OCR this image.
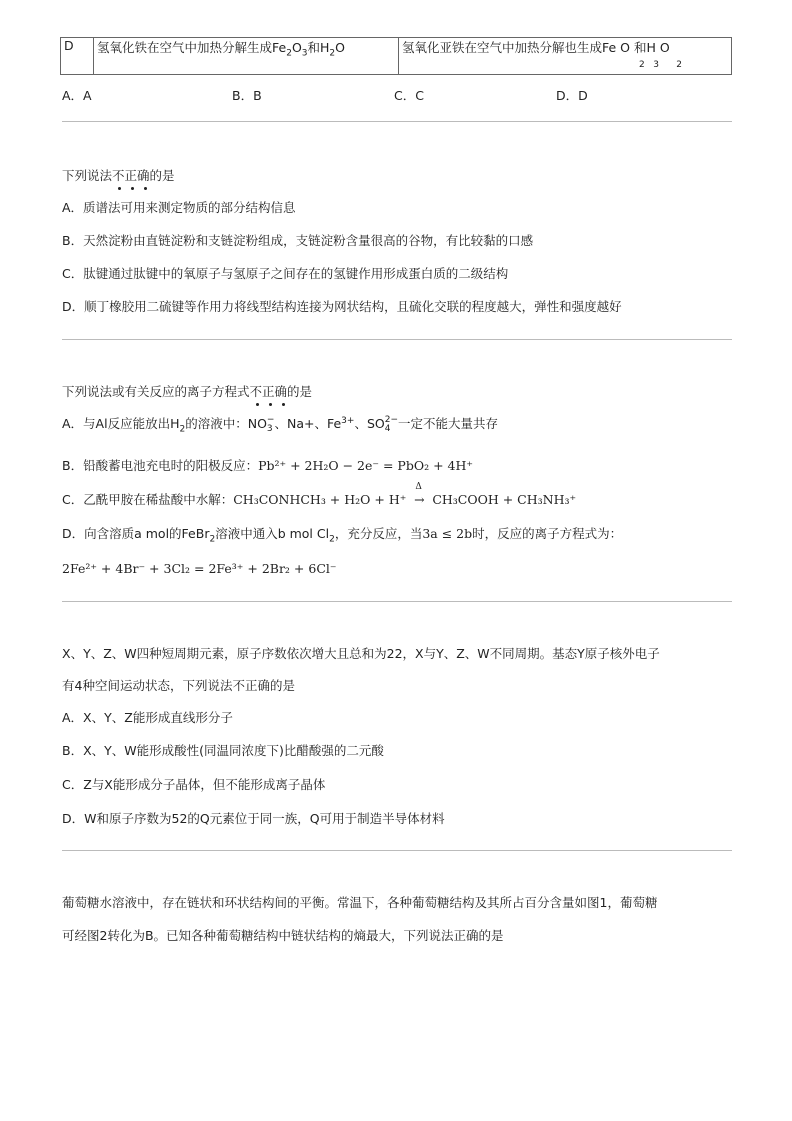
D	氢氧化铁在空气中加热分解生成$Fe_2O_3$和$H_2O$	氢氧化亚铁在空气中加热分解也生成Fe O 和H O
2   3      2
A．A	B．B	C．C	D．D
下列说法不正确
的是
A．质谱法可用来测定物质的部分结构信息
B．天然淀粉由直链淀粉和支链淀粉组成，支链淀粉含量很高的谷物，有比较黏的口感
C．肽键通过肽键中的氧原子与氢原子之间存在的氢键作用形成蛋白质的二级结构
D．顺丁橡胶用二硫键等作用力将线型结构连接为网状结构，且硫化交联的程度越大，弹性和强度越好
下列说法或有关反应的离子方程式不正确
的是
A．与Al反应能放出$H_2$的溶液中：NO−
3 、Na+、$Fe^{3+}$、SO2−
4 一定不能大量共存
B．铅酸蓄电池充电时的阳极反应：Pb²⁺ + 2H₂O − 2e⁻ = PbO₂ + 4H⁺
C．乙酰甲胺在稀盐酸中水解：CH₃CONHCH₃ + H₂O + H⁺
Δ
→ CH₃COOH + CH₃NH₃⁺
D．向含溶质a mol的FeBr$_2$溶液中通入b mol $Cl_2$，充分反应，当3a ≤ 2b时，反应的离子方程式为：
2Fe²⁺ + 4Br⁻ + 3Cl₂ = 2Fe³⁺ + 2Br₂ + 6Cl⁻
X、Y、Z、W四种短周期元素，原子序数依次增大且总和为22，X与Y、Z、W不同周期。基态Y原子核外电子
有4种空间运动状态，下列说法不正确的是
A．X、Y、Z能形成直线形分子
B．X、Y、W能形成酸性(同温同浓度下)比醋酸强的二元酸
C．Z与X能形成分子晶体，但不能形成离子晶体
D．W和原子序数为52的Q元素位于同一族，Q可用于制造半导体材料
葡萄糖水溶液中，存在链状和环状结构间的平衡。常温下，各种葡萄糖结构及其所占百分含量如图1，葡萄糖
可经图2转化为B。已知各种葡萄糖结构中链状结构的熵最大，下列说法正确的是
